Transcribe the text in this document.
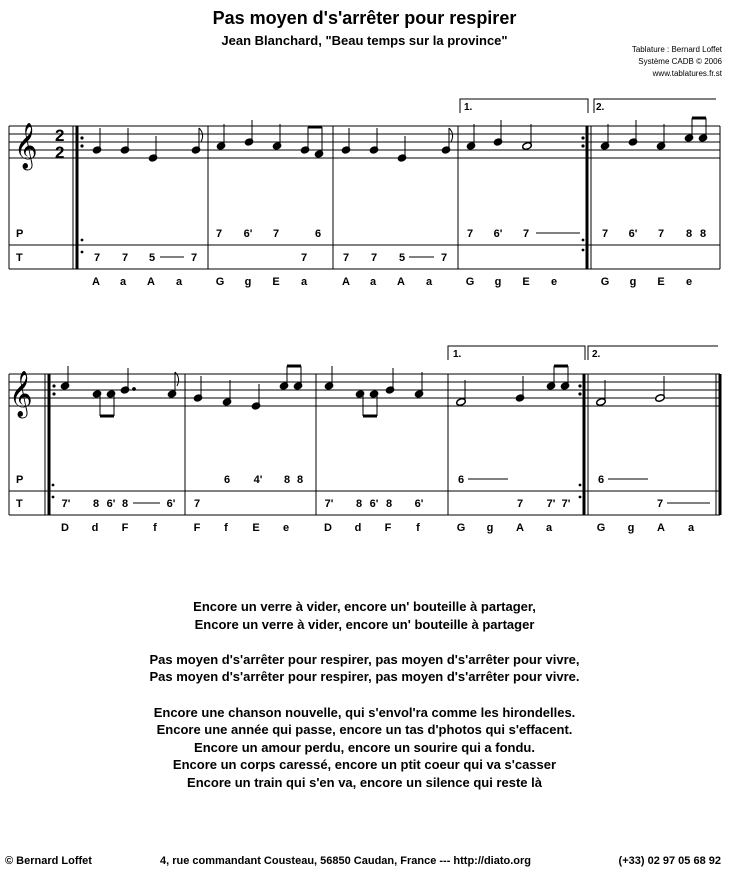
Pas moyen d's'arrêter pour respirer
Jean Blanchard, "Beau temps sur la province"
Tablature : Bernard Loffet
Système CADB © 2006
www.tablatures.fr.st
𝄞 2
2
1.	2.
P
T
7 6' 7	6	7 6' 7	7 6' 7 8 8
7 7 5	7	7	7 7 5	7
A a A a	G g E a	A a A a	G g E e	G g E e
𝄞
1.	2.
P
T
6 4' 8 8	6	6
7' 8 6' 8	6' 7	7' 8 6' 8 6'	7 7' 7'	7
D d F f	F f E e	D d F f	G g A a	G g A a
Encore un verre à vider, encore un' bouteille à partager,
Encore un verre à vider, encore un' bouteille à partager
Pas moyen d's'arrêter pour respirer, pas moyen d's'arrêter pour vivre,
Pas moyen d's'arrêter pour respirer, pas moyen d's'arrêter pour vivre.
Encore une chanson nouvelle, qui s'envol'ra comme les hirondelles.
Encore une année qui passe, encore un tas d'photos qui s'effacent.
Encore un amour perdu, encore un sourire qui a fondu.
Encore un corps caressé, encore un ptit coeur qui va s'casser
Encore un train qui s'en va, encore un silence qui reste là
© Bernard Loffet	4, rue commandant Cousteau, 56850 Caudan, France --- http://diato.org	(+33) 02 97 05 68 92
